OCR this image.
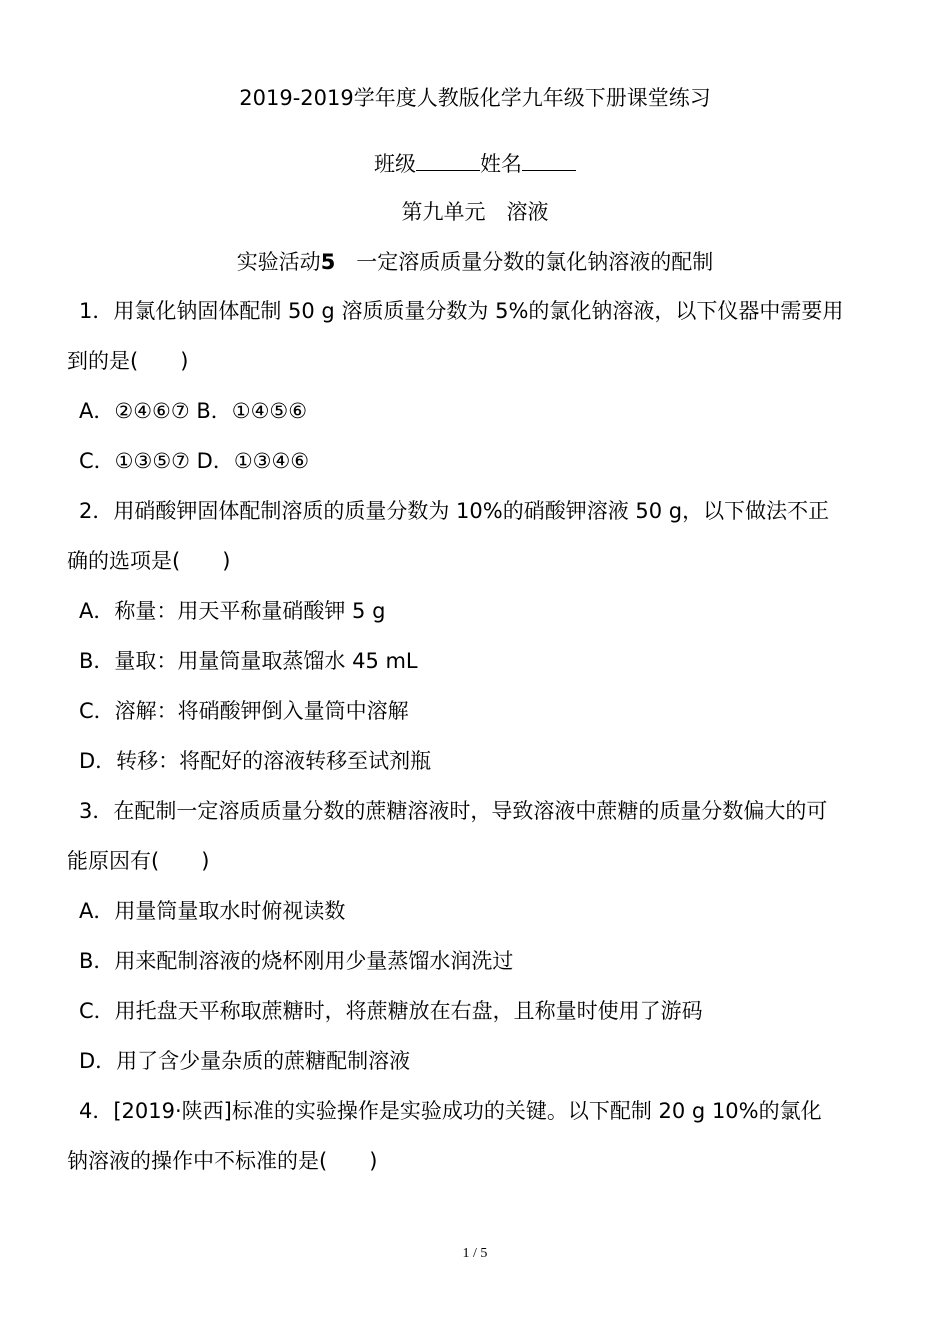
2019-2019学年度人教版化学九年级下册课堂练习
班级	姓名
第九单元　溶液
实验活动5　一定溶质质量分数的氯化钠溶液的配制
1．用氯化钠固体配制 50 g 溶质质量分数为 5%的氯化钠溶液，以下仪器中需要用
到的是(　　)
A．②④⑥⑦ B．①④⑤⑥
C．①③⑤⑦ D．①③④⑥
2．用硝酸钾固体配制溶质的质量分数为 10%的硝酸钾溶液 50 g，以下做法不正
确的选项是(　　)
A．称量：用天平称量硝酸钾 5 g
B．量取：用量筒量取蒸馏水 45 mL
C．溶解：将硝酸钾倒入量筒中溶解
D．转移：将配好的溶液转移至试剂瓶
3．在配制一定溶质质量分数的蔗糖溶液时，导致溶液中蔗糖的质量分数偏大的可
能原因有(　　)
A．用量筒量取水时俯视读数
B．用来配制溶液的烧杯刚用少量蒸馏水润洗过
C．用托盘天平称取蔗糖时，将蔗糖放在右盘，且称量时使用了游码
D．用了含少量杂质的蔗糖配制溶液
4．[2019·陕西]标准的实验操作是实验成功的关键。以下配制 20 g 10%的氯化
钠溶液的操作中不标准的是(　　)
1 / 5
